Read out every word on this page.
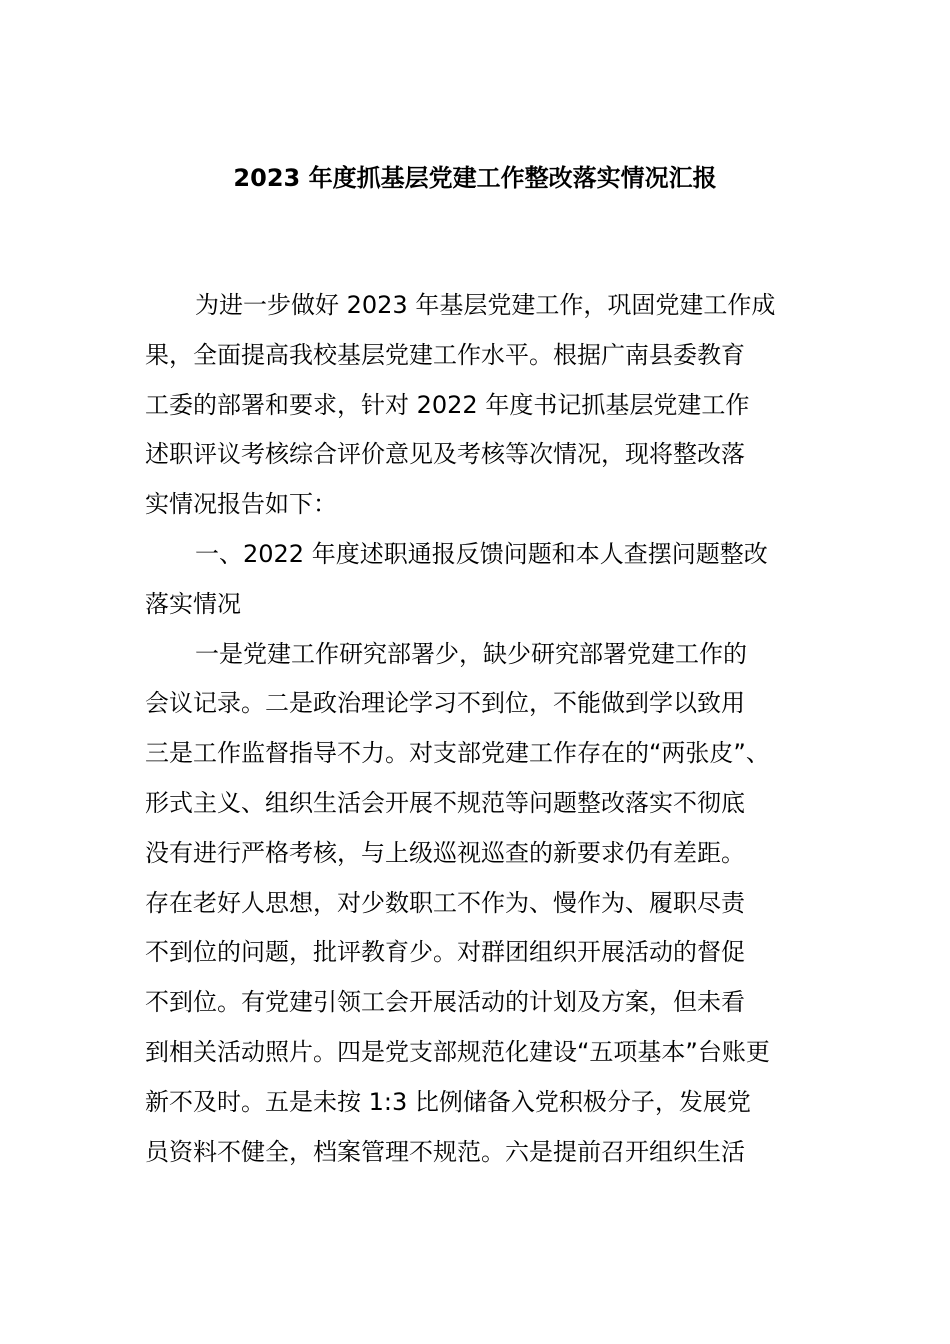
2023 年度抓基层党建工作整改落实情况汇报
为进一步做好 2023 年基层党建工作，巩固党建工作成
果，全面提高我校基层党建工作水平。根据广南县委教育
工委的部署和要求，针对 2022 年度书记抓基层党建工作
述职评议考核综合评价意见及考核等次情况，现将整改落
实情况报告如下：
一、2022 年度述职通报反馈问题和本人查摆问题整改
落实情况
一是党建工作研究部署少，缺少研究部署党建工作的
会议记录。二是政治理论学习不到位，不能做到学以致用
三是工作监督指导不力。对支部党建工作存在的“两张皮”、
形式主义、组织生活会开展不规范等问题整改落实不彻底
没有进行严格考核，与上级巡视巡查的新要求仍有差距。
存在老好人思想，对少数职工不作为、慢作为、履职尽责
不到位的问题，批评教育少。对群团组织开展活动的督促
不到位。有党建引领工会开展活动的计划及方案，但未看
到相关活动照片。四是党支部规范化建设“五项基本”台账更
新不及时。五是未按 1:3 比例储备入党积极分子，发展党
员资料不健全，档案管理不规范。六是提前召开组织生活
